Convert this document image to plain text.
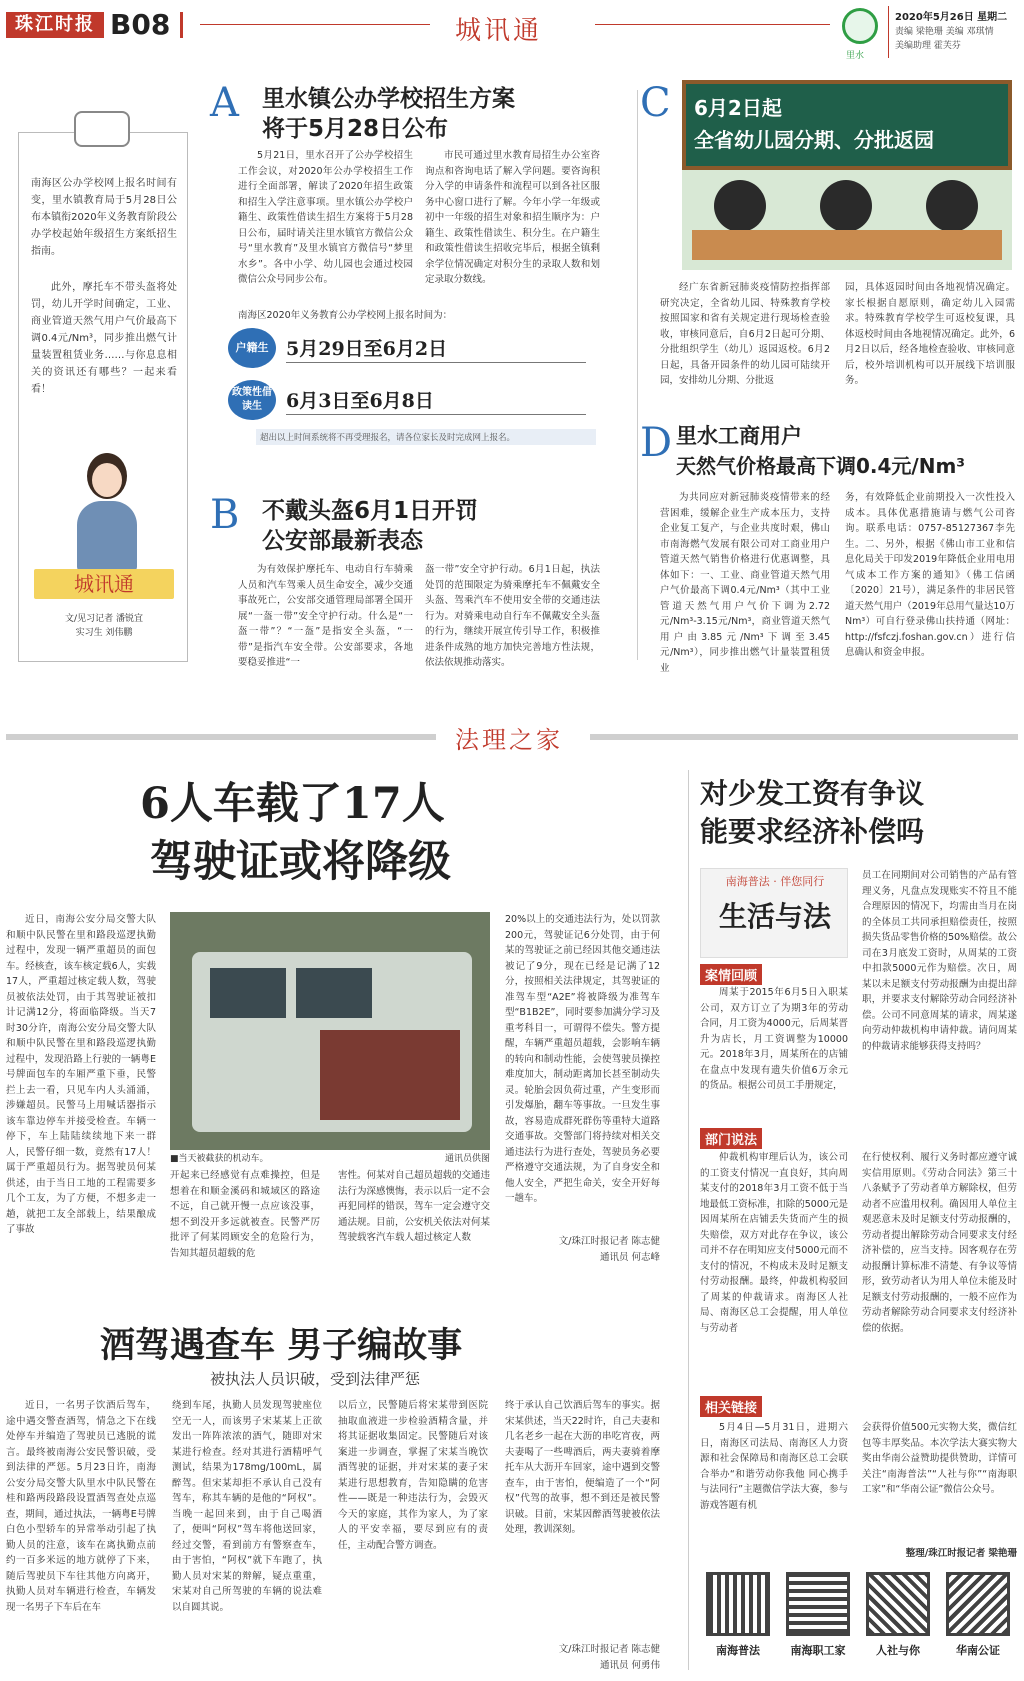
珠江时报 B08	城讯通
里水
2020年5月26日 星期二
责编 梁艳珊 美编 邓琪情
美编助理 霍芙芬
南海区公办学校网上报名时间有变，里水镇教育局于5月28日公布本镇衔2020年义务教育阶段公办学校起始年级招生方案纸招生指南。
此外，摩托车不带头盔将处罚，幼儿开学时间确定，工业、商业管道天然气用户气价最高下调0.4元/Nm³，同步推出燃气计量装置租赁业务……与你息息相关的资讯还有哪些？一起来看看！
城讯通
文/见习记者 潘锐宜
实习生 刘伟鹏
A 里水镇公办学校招生方案
将于5月28日公布
5月21日，里水召开了公办学校招生工作会议，对2020年公办学校招生工作进行全面部署，解读了2020年招生政策和招生入学注意事项。里水镇公办学校户籍生、政策性借读生招生方案将于5月28日公布，届时请关注里水镇官方微信公众号“里水教育”及里水镇官方微信号“梦里水乡”。各中小学、幼儿园也会通过校园微信公众号同步公布。
市民可通过里水教育局招生办公室咨询点和咨询电话了解入学问题。要咨询积分入学的申请条件和流程可以到各社区服务中心窗口进行了解。今年小学一年级或初中一年级的招生对象和招生顺序为：户籍生、政策性借读生、积分生。在户籍生和政策性借读生招收完毕后，根据全镇剩余学位情况确定对积分生的录取人数和划定录取分数线。
南海区2020年义务教育公办学校网上报名时间为：
户籍生 5月29日至6月2日
政策性借读生	6月3日至6月8日
超出以上时间系统将不再受理报名，请各位家长及时完成网上报名。
B 不戴头盔6月1日开罚
公安部最新表态
为有效保护摩托车、电动自行车骑乘人员和汽车驾乘人员生命安全，减少交通事故死亡，公安部交通管理局部署全国开展“一盔一带”安全守护行动。什么是“一盔一带”？“一盔”是指安全头盔，“一带”是指汽车安全带。公安部要求，各地要稳妥推进“一
盔一带”安全守护行动。6月1日起，执法处罚的范围限定为骑乘摩托车不佩戴安全头盔、驾乘汽车不使用安全带的交通违法行为。对骑乘电动自行车不佩戴安全头盔的行为，继续开展宣传引导工作，积极推进条件成熟的地方加快完善地方性法规，依法依规推动落实。
C 6月2日起
全省幼儿园分期、分批返园
经广东省新冠肺炎疫情防控指挥部研究决定，全省幼儿园、特殊教育学校按照国家和省有关规定进行现场检查验收，审核同意后，自6月2日起可分期、分批组织学生（幼儿）返园返校。6月2日起，具备开园条件的幼儿园可陆续开园，安排幼儿分期、分批返
园，具体返园时间由各地视情况确定。家长根据自愿原则，确定幼儿入园需求。特殊教育学校学生可返校复课，具体返校时间由各地视情况确定。此外，6月2日以后，经各地检查验收、审核同意后，校外培训机构可以开展线下培训服务。
D 里水工商用户
天然气价格最高下调0.4元/Nm³
为共同应对新冠肺炎疫情带来的经营困难，缓解企业生产成本压力，支持企业复工复产，与企业共度时艰，佛山市南海燃气发展有限公司对工商业用户管道天然气销售价格进行优惠调整，具体如下：一、工业、商业管道天然气用户气价最高下调0.4元/Nm³（其中工业管道天然气用户气价下调为2.72元/Nm³-3.15元/Nm³，商业管道天然气用户由3.85元/Nm³下调至3.45元/Nm³），同步推出燃气计量装置租赁业
务，有效降低企业前期投入一次性投入成本。具体优惠措施请与燃气公司咨询。联系电话：0757-85127367李先生。二、另外，根据《佛山市工业和信息化局关于印发2019年降低企业用电用气成本工作方案的通知》（佛工信函〔2020〕21号），满足条件的非居民管道天然气用户（2019年总用气量达10万Nm³）可自行登录佛山扶持通（网址：http://fsfczj.foshan.gov.cn）进行信息确认和资金申报。
法理之家
6人车载了17人
驾驶证或将降级
近日，南海公安分局交警大队和顺中队民警在里和路段巡逻执勤过程中，发现一辆严重超员的面包车。经核查，该车核定载6人，实载17人，严重超过核定载人数，驾驶员被依法处罚，由于其驾驶证被扣计记满12分，将面临降级。当天7时30分许，南海公安分局交警大队和顺中队民警在里和路段巡逻执勤过程中，发现沿路上行驶的一辆粤E号牌面包车的车厢严重下垂，民警拦上去一看，只见车内人头涌涌，涉嫌超员。民警马上用喊话器指示该车靠边停车并接受检查。车辆一停下，车上陆陆续续地下来一群人，民警仔细一数，竟然有17人！属于严重超员行为。据驾驶员何某供述，由于当日工地的工程需要多几个工友，为了方便，不想多走一趟，就把工友全部载上，结果酿成了事故
■当天被截获的机动车。	通讯员供图
开起来已经感觉有点难操控，但是想着在和顺金溪码和城域区的路途不远，自己就开慢一点应该没事，想不到没开多远就被查。民警严厉批评了何某罔顾安全的危险行为，告知其超员超载的危
害性。何某对自己超员超载的交通违法行为深感懊悔，表示以后一定不会再犯同样的错误，驾车一定会遵守交通法规。目前，公安机关依法对何某驾驶载客汽车载人超过核定人数
20%以上的交通违法行为，处以罚款200元，驾驶证记6分处罚，由于何某的驾驶证之前已经因其他交通违法被记了9分，现在已经是记满了12分，按照相关法律规定，其驾驶证的准驾车型“A2E”将被降级为准驾车型“B1B2E”，同时要参加满分学习及重考科目一，可谓得不偿失。警方提醒，车辆严重超员超载，会影响车辆的转向和制动性能，会使驾驶员操控难度加大，制动距离加长甚至制动失灵。轮胎会因负荷过重，产生变形而引发爆胎，翻车等事故。一旦发生事故，容易造成群死群伤等重特大道路交通事故。交警部门将持续对相关交通违法行为进行查处，驾驶员务必要严格遵守交通法规，为了自身安全和他人安全，严把生命关，安全开好每一趟车。
文/珠江时报记者 陈志健
通讯员 何志峰
酒驾遇查车 男子编故事
被执法人员识破，受到法律严惩
近日，一名男子饮酒后驾车，途中遇交警查酒驾，情急之下在线处停车并编造了驾驶员已逃脱的谎言。最终被南海公安民警识破，受到法律的严惩。5月23日许，南海公安分局交警大队里水中队民警在桂和路两段路段设置酒驾查处点巡查，期间，通过执法，一辆粤E号牌白色小型轿车的异常举动引起了执勤人员的注意，该车在离执勤点前约一百多米远的地方就停了下来，随后驾驶员下车往其他方向离开，执勤人员对车辆进行检查，车辆发现一名男子下车后在车
绕到车尾，执勤人员发现驾驶座位空无一人，而该男子宋某某上正欲发出一阵阵浓浓的酒气，随即对宋某进行检查。经对其进行酒精呼气测试，结果为178mg/100mL，属醉驾。但宋某却拒不承认自己没有驾车，称其车辆的是他的“阿权”。当晚一起回来到，由于自己喝酒了，便叫“阿权”驾车将他送回家，经过交警，看到前方有警察查车，由于害怕，“阿权”就下车跑了，执勤人员对宋某的辩解，疑点重重，宋某对自己所驾驶的车辆的说法难以自圆其说。
以后立，民警随后将宋某带到医院抽取血液进一步检验酒精含量，并将其证据收集固定。民警随后对该案进一步调查，掌握了宋某当晚饮酒驾驶的证据，并对宋某的妻子宋某进行思想教育，告知隐瞒的危害性——既是一种违法行为，会毁灭今天的家庭，其作为家人，为了家人的平安幸福，要尽到应有的责任，主动配合警方调查。
终于承认自己饮酒后驾车的事实。据宋某供述，当天22时许，自己夫妻和几名老乡一起在大沥的串吃宵夜，两夫妻喝了一些啤酒后，两夫妻骑着摩托车从大沥开车回家，途中遇到交警查车，由于害怕，便编造了一个“阿权”代驾的故事，想不到还是被民警识破。目前，宋某因醉酒驾驶被依法处理，教训深刻。
文/珠江时报记者 陈志健
通讯员 何勇伟
对少发工资有争议
能要求经济补偿吗
南海普法 · 伴您同行
生活与法
案情回顾
周某于2015年6月5日入职某公司，双方订立了为期3年的劳动合同，月工资为4000元，后周某晋升为店长，月工资调整为10000元。2018年3月，周某所在的店铺在盘点中发现有遗失价值6万余元的货品。根据公司员工手册规定，
员工在同期间对公司销售的产品有管理义务，凡盘点发现账实不符且不能合理原因的情况下，均需由当月在岗的全体员工共同承担赔偿责任，按照损失货品零售价格的50%赔偿。故公司在3月底发工资时，从周某的工资中扣款5000元作为赔偿。次日，周某以未足额支付劳动报酬为由提出辞职，并要求支付解除劳动合同经济补偿。公司不同意周某的请求，周某遂向劳动仲裁机构申请仲裁。请问周某的仲裁请求能够获得支持吗？
部门说法
仲裁机构审理后认为，该公司的工资支付情况一直良好，其向周某支付的2018年3月工资不低于当地最低工资标准，扣除的5000元是因周某所在店铺丢失货而产生的损失赔偿，双方对此存在争议，该公司并不存在明知应支付5000元而不支付的情况，不构成未及时足额支付劳动报酬。最终，仲裁机构驳回了周某的仲裁请求。南海区人社局、南海区总工会提醒，用人单位与劳动者
在行使权利、履行义务时都应遵守诚实信用原则。《劳动合同法》第三十八条赋予了劳动者单方解除权，但劳动者不应滥用权利。确因用人单位主观恶意未及时足额支付劳动报酬的，劳动者提出解除劳动合同要求支付经济补偿的，应当支持。因客观存在劳动报酬计算标准不清楚、有争议等情形，致劳动者认为用人单位未能及时足额支付劳动报酬的，一般不应作为劳动者解除劳动合同要求支付经济补偿的依据。
相关链接
5月4日—5月31日，进期六日，南海区司法局、南海区人力资源和社会保障局和南海区总工会联合举办“和谐劳动你我他 同心携手与法同行”主题微信学法大赛，参与游戏答题有机
会获得价值500元实物大奖，微信红包等丰厚奖品。本次学法大赛实物大奖由华南公益赞助提供赞助，详情可关注“南海普法”“人社与你”“南海职工家”和“华南公证”微信公众号。
整理/珠江时报记者 梁艳珊
南海普法	南海职工家	人社与你	华南公证
